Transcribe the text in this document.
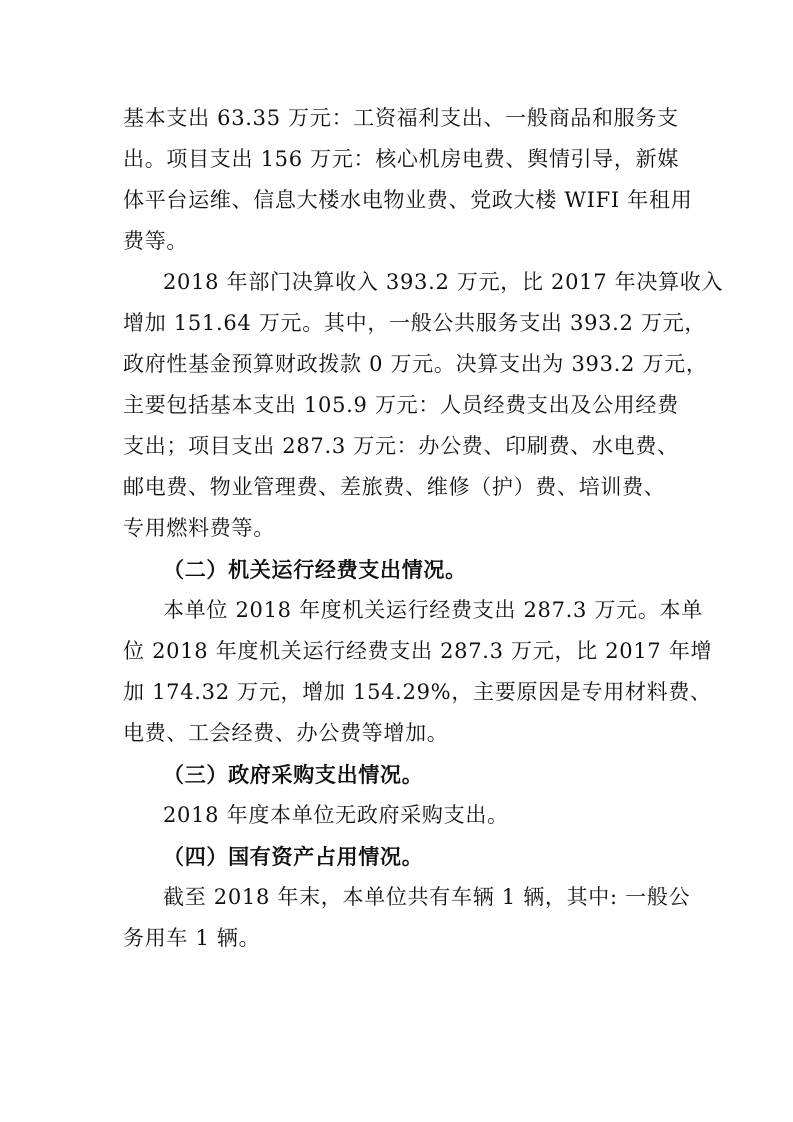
基本支出 63.35 万元：工资福利支出、一般商品和服务支
出。项目支出 156 万元：核心机房电费、舆情引导，新媒
体平台运维、信息大楼水电物业费、党政大楼 WIFI 年租用
费等。
2018 年部门决算收入 393.2 万元，比 2017 年决算收入
增加 151.64 万元。其中，一般公共服务支出 393.2 万元，
政府性基金预算财政拨款 0 万元。决算支出为 393.2 万元，
主要包括基本支出 105.9 万元：人员经费支出及公用经费
支出；项目支出 287.3 万元：办公费、印刷费、水电费、
邮电费、物业管理费、差旅费、维修（护）费、培训费、
专用燃料费等。
（二）机关运行经费支出情况。
本单位 2018 年度机关运行经费支出 287.3 万元。本单
位 2018 年度机关运行经费支出 287.3 万元，比 2017 年增
加 174.32 万元，增加 154.29%，主要原因是专用材料费、
电费、工会经费、办公费等增加。
（三）政府采购支出情况。
2018 年度本单位无政府采购支出。
（四）国有资产占用情况。
截至 2018 年末，本单位共有车辆 1 辆，其中: 一般公
务用车 1 辆。
